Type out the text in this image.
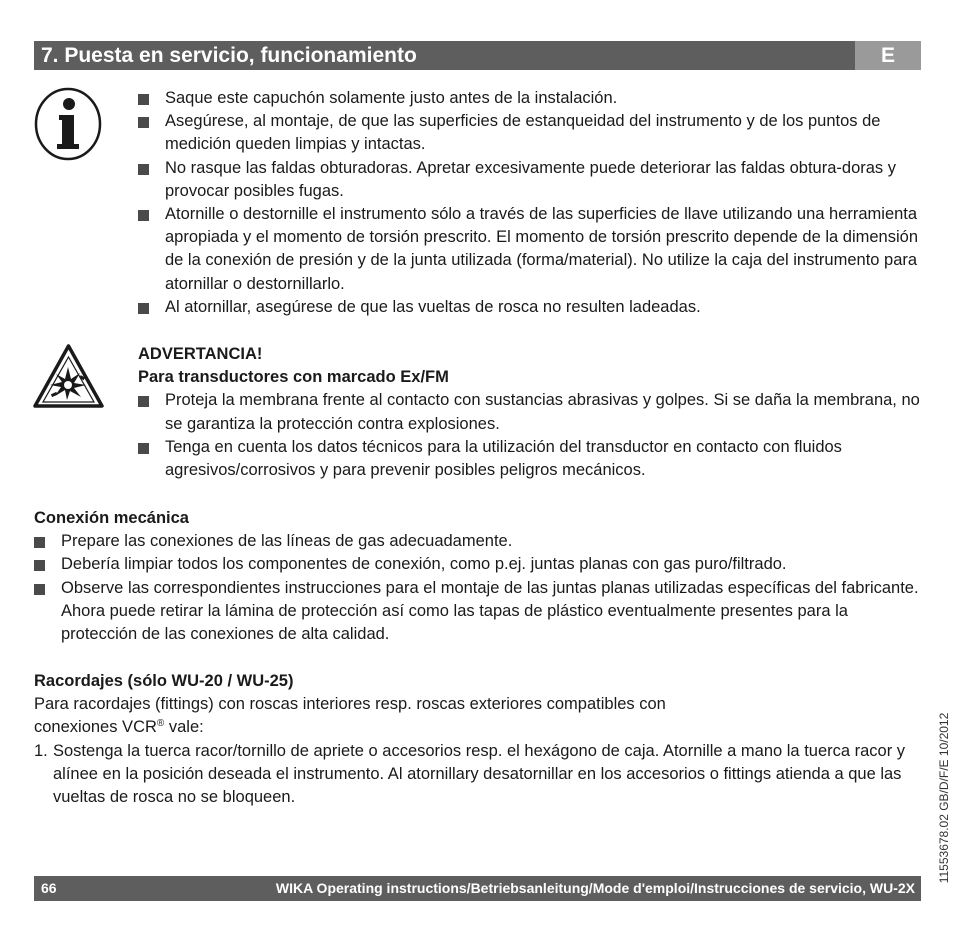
7. Puesta en servicio, funcionamiento	E
Saque este capuchón solamente justo antes de la instalación.
Asegúrese, al montaje, de que las superficies de estanqueidad del instrumento y de los puntos de medición queden limpias y intactas.
No rasque las faldas obturadoras. Apretar excesivamente puede deteriorar las faldas obtura-doras y provocar posibles fugas.
Atornille o destornille el instrumento sólo a través de las superficies de llave utilizando una herramienta apropiada y el momento de torsión prescrito. El momento de torsión prescrito depende de la dimensión de la conexión de presión y de la junta utilizada (forma/material). No utilize la caja del instrumento para atornillar o destornillarlo.
Al atornillar, asegúrese de que las vueltas de rosca no resulten ladeadas.
ADVERTANCIA!
Para transductores con marcado Ex/FM
Proteja la membrana frente al contacto con sustancias abrasivas y golpes. Si se daña la membrana, no se garantiza la protección contra explosiones.
Tenga en cuenta los datos técnicos para la utilización del transductor en contacto con fluidos agresivos/corrosivos y para prevenir posibles peligros mecánicos.
Conexión mecánica
Prepare las conexiones de las líneas de gas adecuadamente.
Debería limpiar todos los componentes de conexión, como p.ej. juntas planas con gas puro/filtrado.
Observe las correspondientes instrucciones para el montaje de las juntas planas utilizadas específicas del fabricante. Ahora puede retirar la lámina de protección así como las tapas de plástico eventualmente presentes para la protección de las conexiones de alta calidad.
Racordajes (sólo WU-20 / WU-25)
Para racordajes (fittings) con roscas interiores resp. roscas exteriores compatibles con
conexiones VCR® vale:
1. Sostenga la tuerca racor/tornillo de apriete o accesorios resp. el hexágono de caja. Atornille a mano la tuerca racor y alínee en la posición deseada el instrumento. Al atornillary desatornillar en los accesorios o fittings atienda a que las vueltas de rosca no se bloqueen.	11553678.02 GB/D/F/E 10/2012
66	WIKA Operating instructions/Betriebsanleitung/Mode d'emploi/Instrucciones de servicio, WU-2X
